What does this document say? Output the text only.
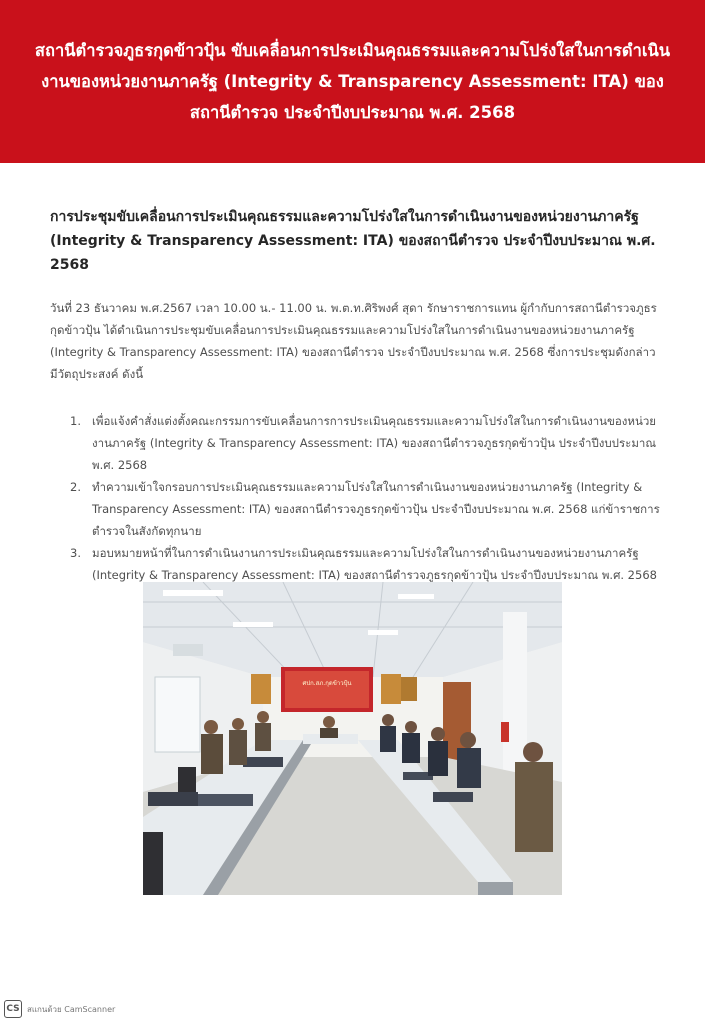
สถานีตำรวจภูธรกุดข้าวปุ้น ขับเคลื่อนการประเมินคุณธรรมและความโปร่งใสในการดำเนินงานของหน่วยงานภาครัฐ (Integrity & Transparency Assessment: ITA) ของสถานีตำรวจ ประจำปีงบประมาณ พ.ศ. 2568
การประชุมขับเคลื่อนการประเมินคุณธรรมและความโปร่งใสในการดำเนินงานของหน่วยงานภาครัฐ (Integrity & Transparency Assessment: ITA) ของสถานีตำรวจ ประจำปีงบประมาณ พ.ศ. 2568

วันที่ 23 ธันวาคม พ.ศ.2567 เวลา 10.00 น.- 11.00 น. พ.ต.ท.ศิริพงศ์ สุดา รักษาราชการแทน ผู้กำกับการสถานีตำรวจภูธรกุดข้าวปุ้น ได้ดำเนินการประชุมขับเคลื่อนการประเมินคุณธรรมและความโปร่งใสในการดำเนินงานของหน่วยงานภาครัฐ (Integrity & Transparency Assessment: ITA) ของสถานีตำรวจ ประจำปีงบประมาณ พ.ศ. 2568 ซึ่งการประชุมดังกล่าวมีวัตถุประสงค์ ดังนี้

1. เพื่อแจ้งคำสั่งแต่งตั้งคณะกรรมการขับเคลื่อนการการประเมินคุณธรรมและความโปร่งใสในการดำเนินงานของหน่วยงานภาครัฐ (Integrity & Transparency Assessment: ITA) ของสถานีตำรวจภูธรกุดข้าวปุ้น ประจำปีงบประมาณ พ.ศ. 2568
2. ทำความเข้าใจกรอบการประเมินคุณธรรมและความโปร่งใสในการดำเนินงานของหน่วยงานภาครัฐ (Integrity & Transparency Assessment: ITA) ของสถานีตำรวจภูธรกุดข้าวปุ้น ประจำปีงบประมาณ พ.ศ. 2568 แก่ข้าราชการตำรวจในสังกัดทุกนาย
3. มอบหมายหน้าที่ในการดำเนินงานการประเมินคุณธรรมและความโปร่งใสในการดำเนินงานของหน่วยงานภาครัฐ (Integrity & Transparency Assessment: ITA) ของสถานีตำรวจภูธรกุดข้าวปุ้น ประจำปีงบประมาณ พ.ศ. 2568
ศปก.สภ.กุดข้าวปุ้น
CS สแกนด้วย CamScanner
